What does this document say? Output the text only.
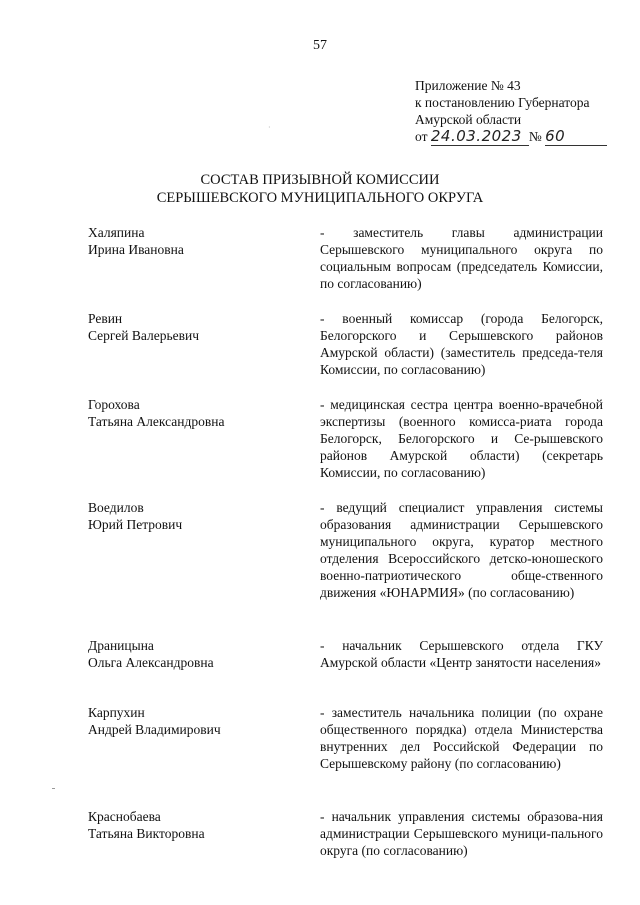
57
·
Приложение № 43
к постановлению Губернатора
Амурской области
от 24.03.2023 № 60
СОСТАВ ПРИЗЫВНОЙ КОМИССИИ
СЕРЫШЕВСКОГО МУНИЦИПАЛЬНОГО ОКРУГА
Халяпина
Ирина Ивановна
- заместитель главы администрации Серышевского муниципального округа по социальным вопросам (председатель Комиссии, по согласованию)
Ревин
Сергей Валерьевич
- военный комиссар (города Белогорск, Белогорского и Серышевского районов Амурской области) (заместитель председа-теля Комиссии, по согласованию)
Горохова
Татьяна Александровна
- медицинская сестра центра военно-врачебной экспертизы (военного комисса-риата города Белогорск, Белогорского и Се-рышевского районов Амурской области) (секретарь Комиссии, по согласованию)
Воедилов
Юрий Петрович
- ведущий специалист управления системы образования администрации Серышевского муниципального округа, куратор местного отделения Всероссийского детско-юношеского военно-патриотического обще-ственного движения «ЮНАРМИЯ» (по согласованию)
Драницына
Ольга Александровна
- начальник Серышевского отдела ГКУ Амурской области «Центр занятости населения»
Карпухин
Андрей Владимирович
- заместитель начальника полиции (по охране общественного порядка) отдела Министерства внутренних дел Российской Федерации по Серышевскому району (по согласованию)
Краснобаева
Татьяна Викторовна
- начальник управления системы образова-ния администрации Серышевского муници-пального округа (по согласованию)
